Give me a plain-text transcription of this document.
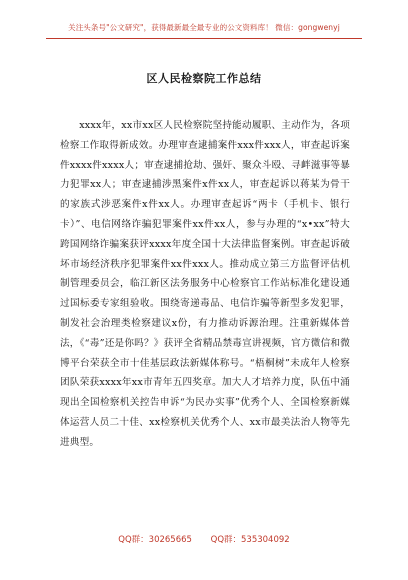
关注头条号"公文研究"，获得最新最全最专业的公文资料库！ 微信：gongwenyj
区人民检察院工作总结

xxxx年，xx市xx区人民检察院坚持能动履职、主动作为，各项检察工作取得新成效。办理审查逮捕案件xxx件xxx人，审查起诉案件xxxx件xxxx人；审查逮捕抢劫、强奸、聚众斗殴、寻衅滋事等暴力犯罪xx人；审查逮捕涉黑案件x件xx人，审查起诉以蒋某为骨干的家族式涉恶案件x件xx人。办理审查起诉“两卡（手机卡、银行卡）”、电信网络诈骗犯罪案件xx件xx人，参与办理的“x•xx”特大跨国网络诈骗案获评xxxx年度全国十大法律监督案例。审查起诉破坏市场经济秩序犯罪案件xx件xxx人。推动成立第三方监督评估机制管理委员会，临江新区法务服务中心检察官工作站标准化建设通过国标委专家组验收。围绕寄递毒品、电信诈骗等新型多发犯罪，制发社会治理类检察建议x份，有力推动诉源治理。注重新媒体普法，《“毒”还是你吗？》获评全省精品禁毒宣讲视频，官方微信和微博平台荣获全市十佳基层政法新媒体称号。“梧桐树”未成年人检察团队荣获xxxx年xx市青年五四奖章。加大人才培养力度，队伍中涌现出全国检察机关控告申诉“为民办实事”优秀个人、全国检察新媒体运营人员二十佳、xx检察机关优秀个人、xx市最美法治人物等先进典型。

QQ群：30265665 QQ群：535304092
